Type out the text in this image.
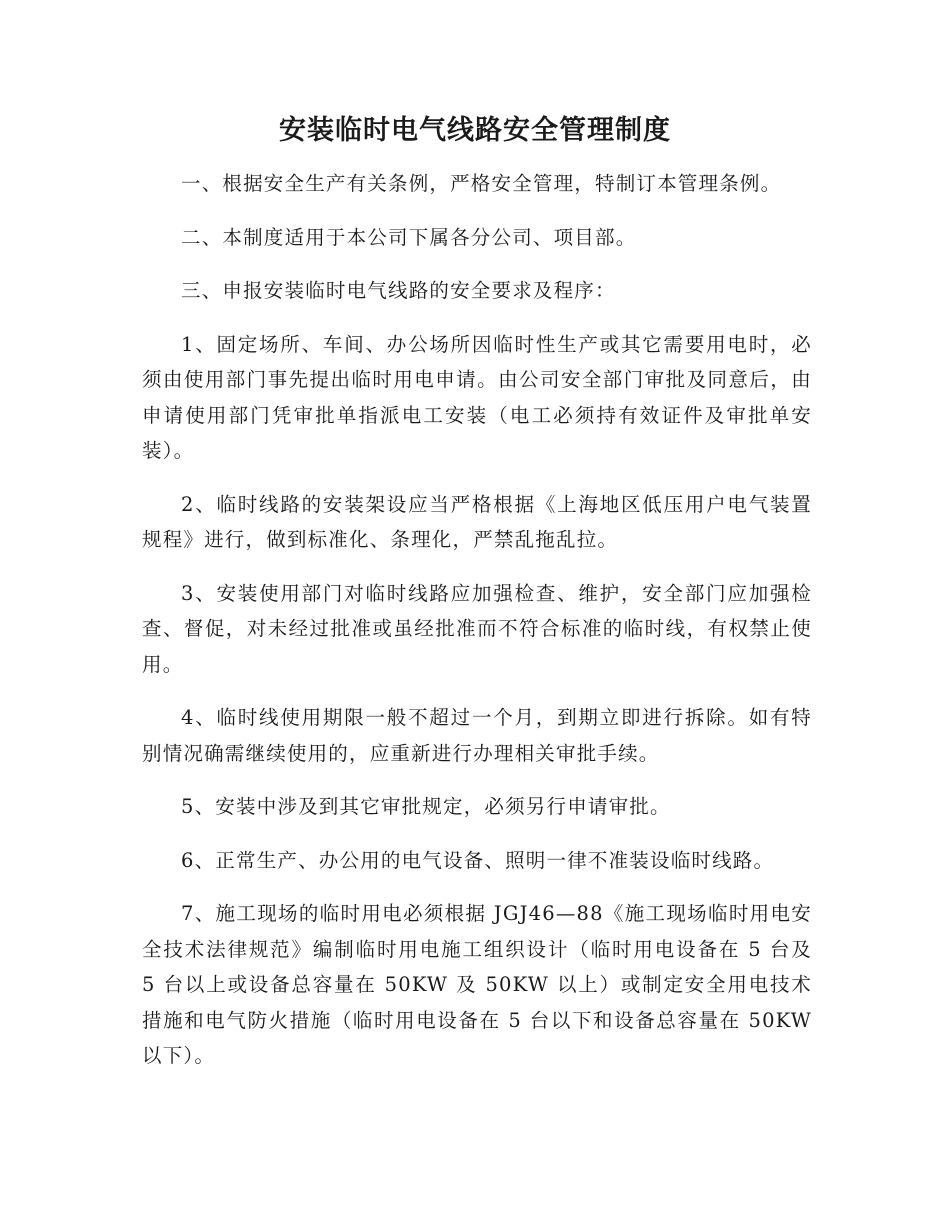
安装临时电气线路安全管理制度

一、根据安全生产有关条例，严格安全管理，特制订本管理条例。

二、本制度适用于本公司下属各分公司、项目部。

三、申报安装临时电气线路的安全要求及程序：

1、固定场所、车间、办公场所因临时性生产或其它需要用电时，必须由使用部门事先提出临时用电申请。由公司安全部门审批及同意后，由申请使用部门凭审批单指派电工安装（电工必须持有效证件及审批单安装）。

2、临时线路的安装架设应当严格根据《上海地区低压用户电气装置规程》进行，做到标准化、条理化，严禁乱拖乱拉。

3、安装使用部门对临时线路应加强检查、维护，安全部门应加强检查、督促，对未经过批准或虽经批准而不符合标准的临时线，有权禁止使用。

4、临时线使用期限一般不超过一个月，到期立即进行拆除。如有特别情况确需继续使用的，应重新进行办理相关审批手续。

5、安装中涉及到其它审批规定，必须另行申请审批。

6、正常生产、办公用的电气设备、照明一律不准装设临时线路。

7、施工现场的临时用电必须根据 JGJ46—88《施工现场临时用电安全技术法律规范》编制临时用电施工组织设计（临时用电设备在 5 台及 5 台以上或设备总容量在 50KW 及 50KW 以上）或制定安全用电技术措施和电气防火措施（临时用电设备在 5 台以下和设备总容量在 50KW 以下）。
